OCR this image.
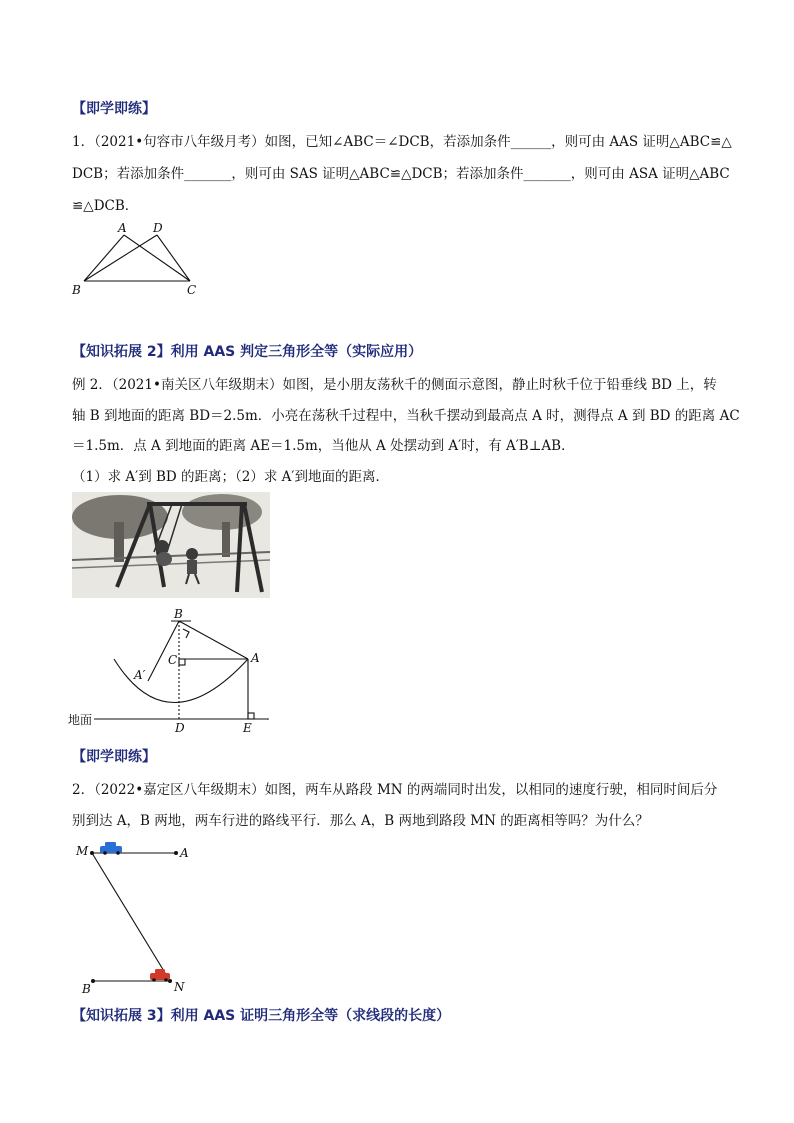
【即学即练】
1．（2021•句容市八年级月考）如图，已知∠ABC＝∠DCB，若添加条件______，则可由 AAS 证明△ABC≌△
DCB；若添加条件_______，则可由 SAS 证明△ABC≌△DCB；若添加条件_______，则可由 ASA 证明△ABC
≌△DCB．
A D
B	C
【知识拓展 2】利用 AAS 判定三角形全等（实际应用）
例 2．（2021•南关区八年级期末）如图，是小朋友荡秋千的侧面示意图，静止时秋千位于铅垂线 BD 上，转
轴 B 到地面的距离 BD＝2.5m．小亮在荡秋千过程中，当秋千摆动到最高点 A 时，测得点 A 到 BD 的距离 AC
＝1.5m．点 A 到地面的距离 AE＝1.5m，当他从 A 处摆动到 A′时，有 A′B⊥AB．
（1）求 A′到 BD 的距离；（2）求 A′到地面的距离．
B
C	A
A′
D	E
地面
【即学即练】
2．（2022•嘉定区八年级期末）如图，两车从路段 MN 的两端同时出发，以相同的速度行驶，相同时间后分
别到达 A，B 两地，两车行进的路线平行．那么 A，B 两地到路段 MN 的距离相等吗？为什么？
M	A
B	N
【知识拓展 3】利用 AAS 证明三角形全等（求线段的长度）
